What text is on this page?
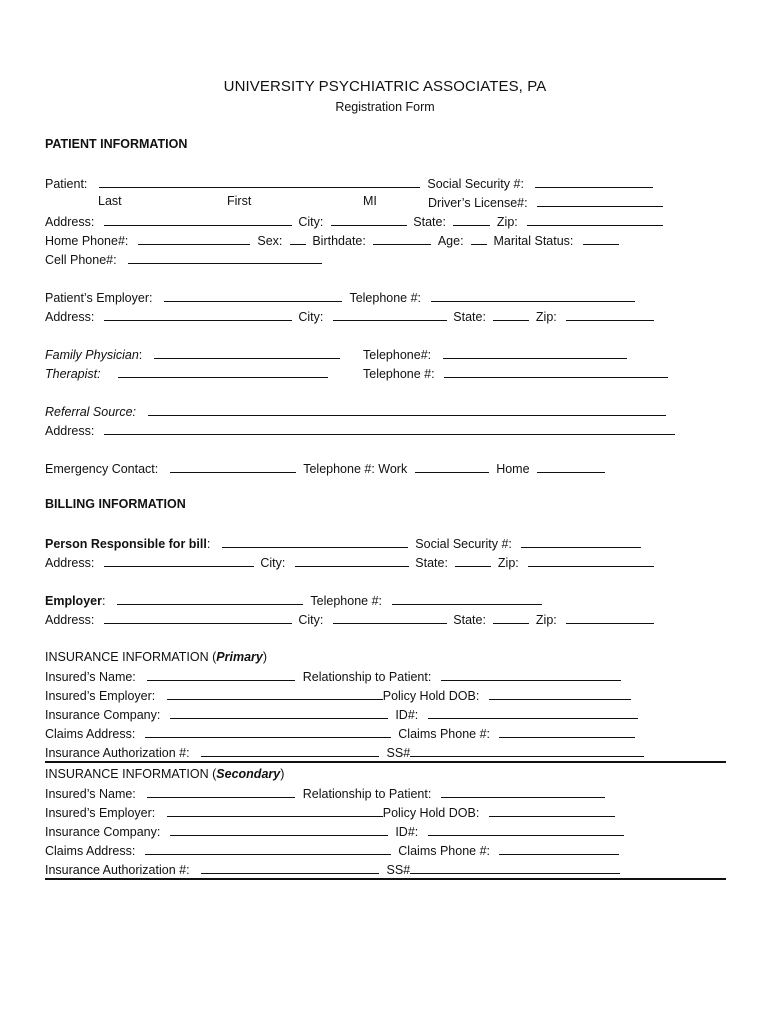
UNIVERSITY PSYCHIATRIC ASSOCIATES, PA
Registration Form
PATIENT INFORMATION
Patient:	Social Security #:
Last	First	MI	Driver’s License#:
Address:	City:	State:	Zip:
Home Phone#:	Sex: Birthdate:	Age: Marital Status:
Cell Phone#:
Patient’s Employer:	Telephone #:
Address:	City:	State:	Zip:
Family Physician:	Telephone#:
Therapist:	Telephone #:
Referral Source:
Address:
Emergency Contact:	Telephone #: Work	Home
BILLING INFORMATION
Person Responsible for bill:	Social Security #:
Address:	City:	State:	Zip:
Employer:	Telephone #:
Address:	City:	State:	Zip:
INSURANCE INFORMATION (Primary)
Insured’s Name:	Relationship to Patient:
Insured’s Employer:	Policy Hold DOB:
Insurance Company:	ID#:
Claims Address:	Claims Phone #:
Insurance Authorization #:	SS#
INSURANCE INFORMATION (Secondary)
Insured’s Name:	Relationship to Patient:
Insured’s Employer:	Policy Hold DOB:
Insurance Company:	ID#:
Claims Address:	Claims Phone #:
Insurance Authorization #:	SS#
